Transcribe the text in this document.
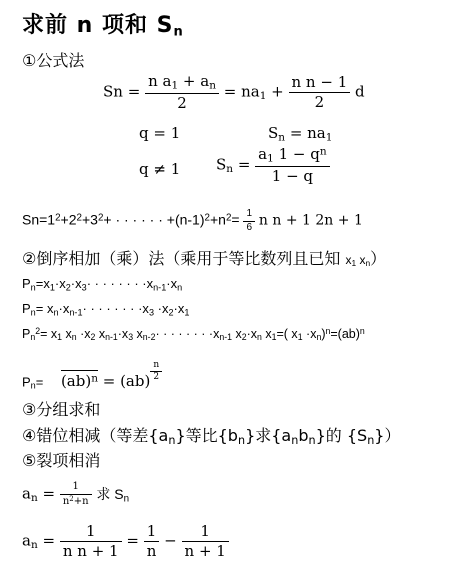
求前 n 项和 $S_n$
①公式法
$Sn = \frac{n a_1 + a_n}{2} = na_1 + \frac{\text{n n − 1}}{2}$ d
q = 1	$S_n = na_1$
q ≠ 1 $S_n = \frac{a_1 1 - q^n}{1 - q}$
$Sn=1^2+2^2+3^2+$ · · · · · · $+(n-1)^2+n^2= \frac{1}{6}$ n n + 1 2n + 1
②倒序相加（乘）法（乘用于等比数列且已知 $x_1$ $x_n$）
$P_n=x_1\cdot x_2\cdot x_3\cdot$ · · · · · · $\cdot x_{n-1}\cdot x_n$
$P_n= x_n\cdot x_{n-1}\cdot$ · · · · · · $\cdot x_3 \cdot x_2\cdot x_1$
$P_n^2= x_1$ $x_n \cdot x_2$ $x_{n-1}\cdot x_3$ $x_{n-2}\cdot$ · · · · · · $\cdot x_{n-1}$ $x_2\cdot x_n$ $x_1=$( $x_1 \cdot x_n)^n=(ab)^n$
$P_n= (ab)^n = (ab) \frac{n}{2}$
③分组求和
④错位相减（等差$\{a_n\}$等比$\{b_n\}$求$\{a_nb_n\}$的 $\{S_n\}$）
⑤裂项相消
$a_n = \frac{1}{n^2+n}$ 求 $S_n$
$a_n = \frac{1}{\text{n n + 1}} = \frac{1}{n} - \frac{1}{n + 1}$
